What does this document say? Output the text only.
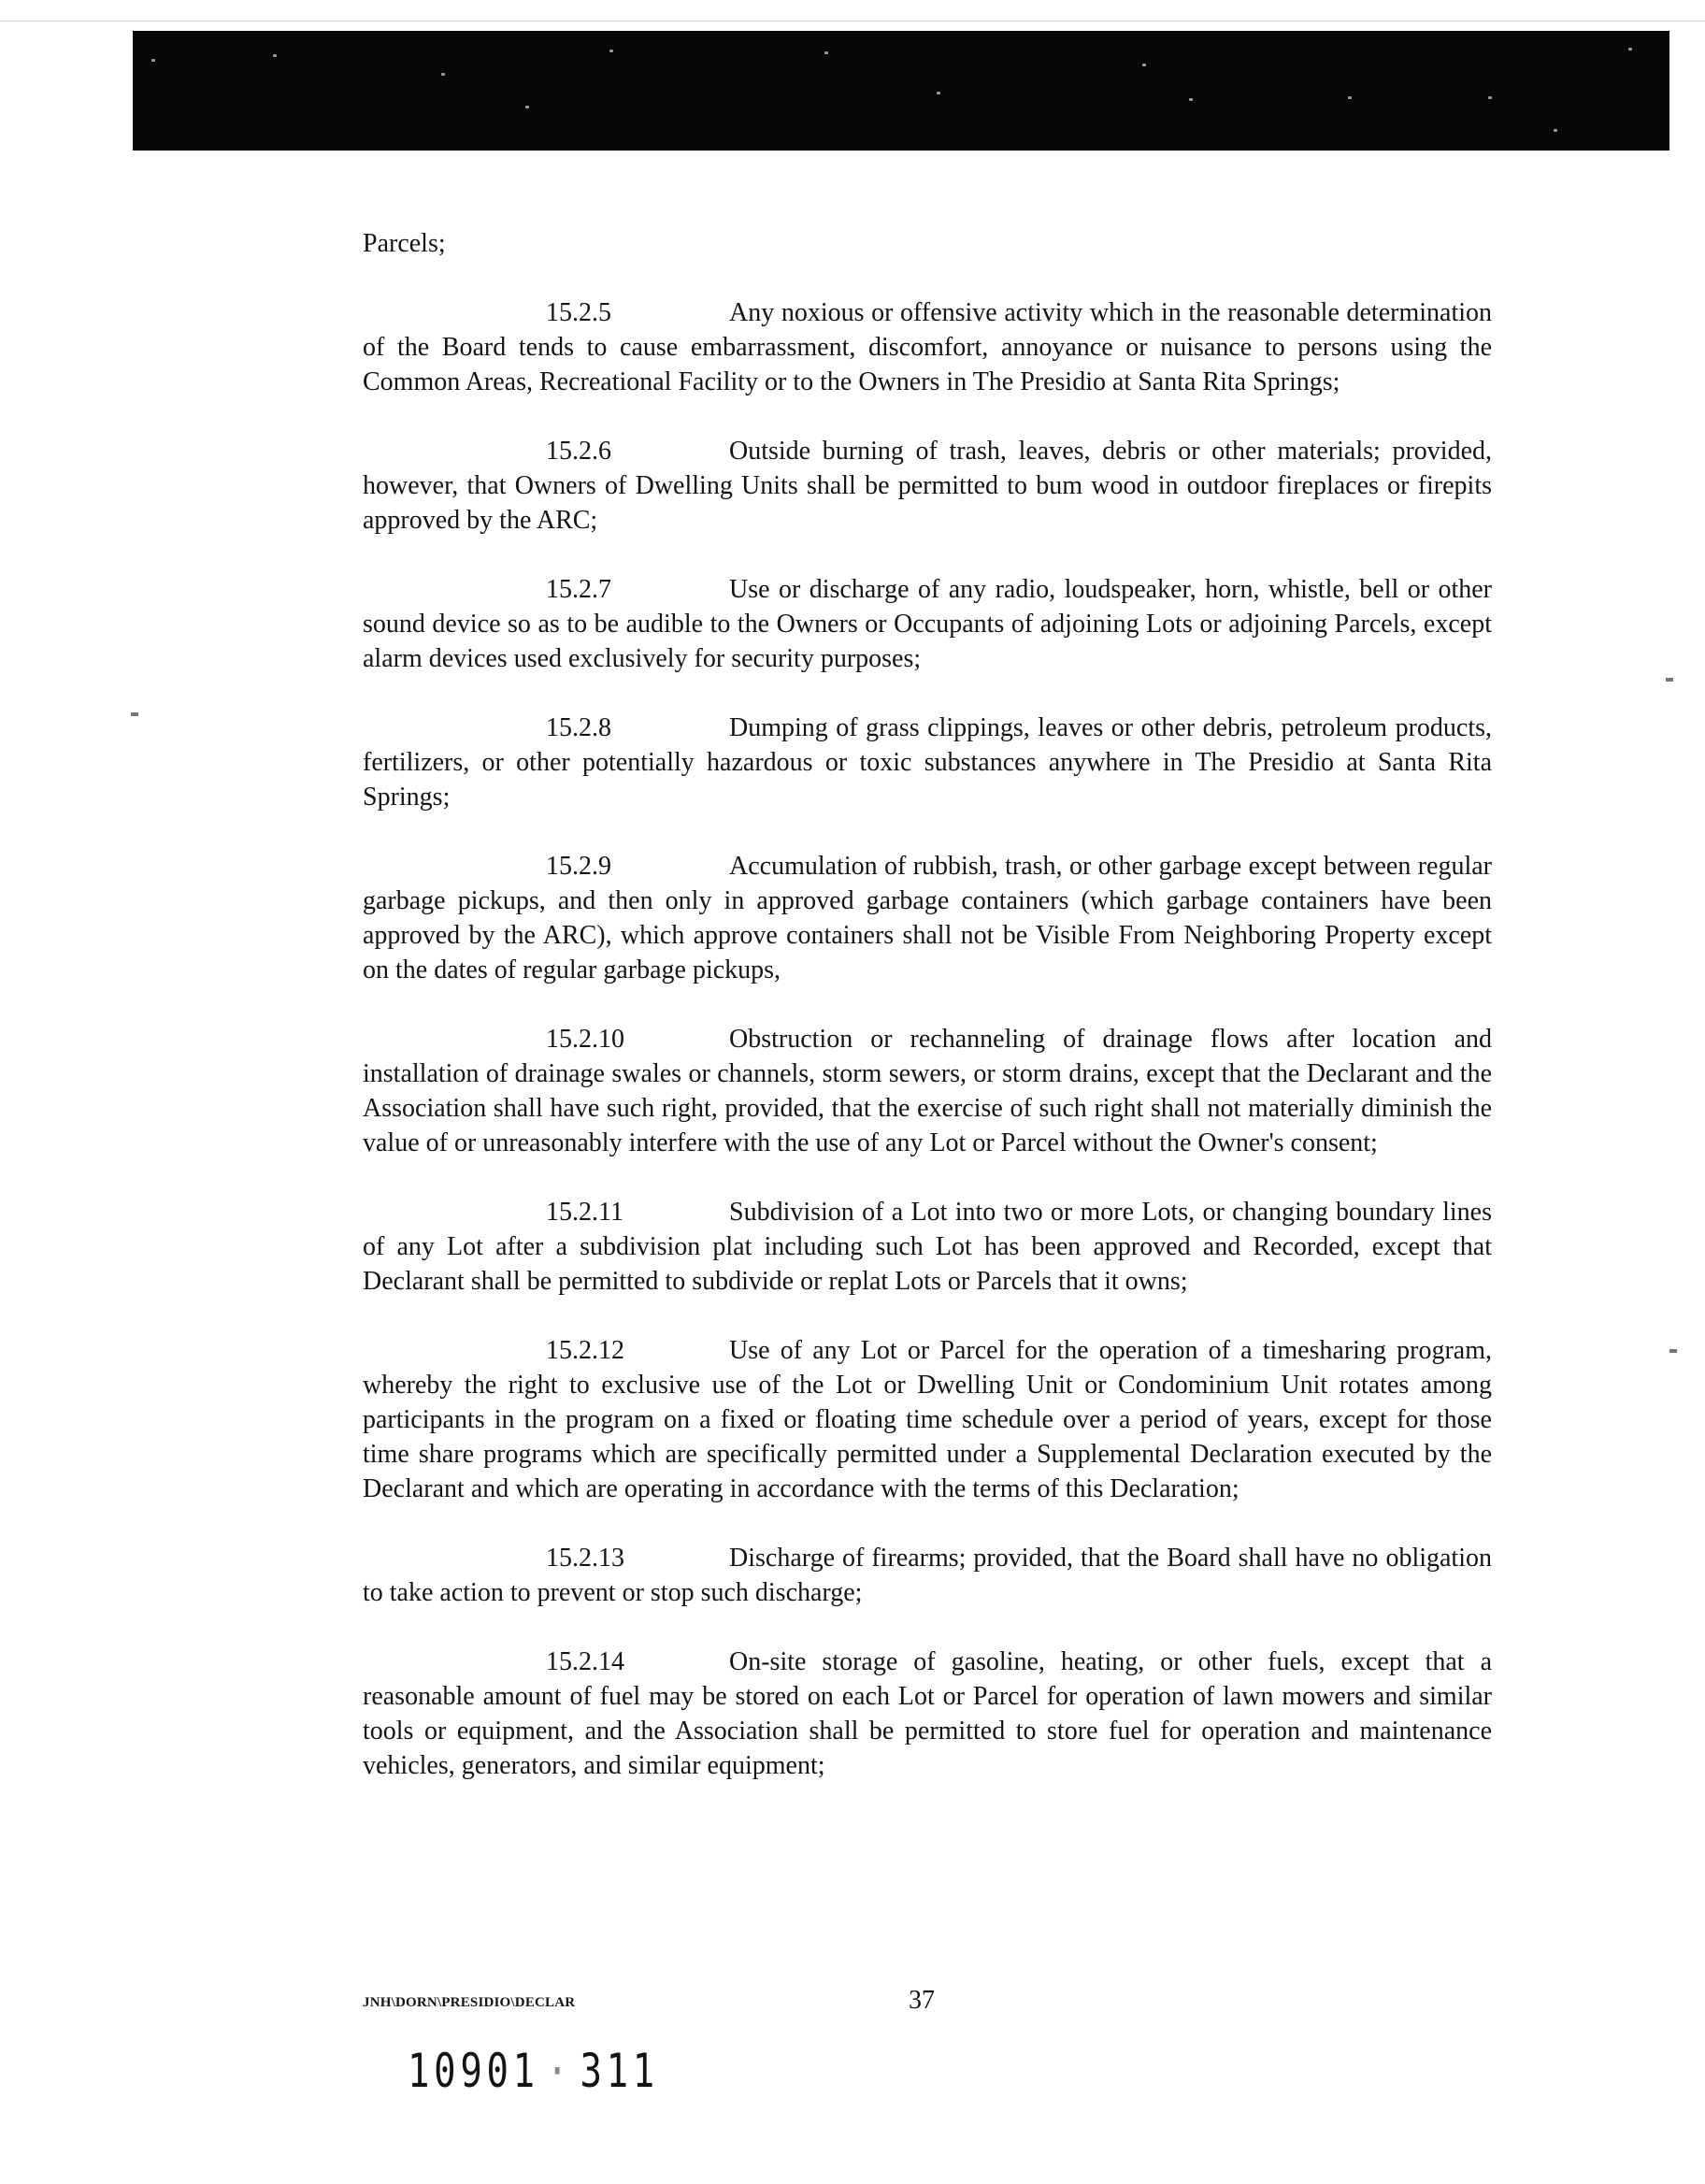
Parcels;

15.2.5	Any noxious or offensive activity which in the reasonable determination of the Board tends to cause embarrassment, discomfort, annoyance or nuisance to persons using the Common Areas, Recreational Facility or to the Owners in The Presidio at Santa Rita Springs;
15.2.6	Outside burning of trash, leaves, debris or other materials; provided, however, that Owners of Dwelling Units shall be permitted to bum wood in outdoor fireplaces or firepits approved by the ARC;
15.2.7	Use or discharge of any radio, loudspeaker, horn, whistle, bell or other sound device so as to be audible to the Owners or Occupants of adjoining Lots or adjoining Parcels, except alarm devices used exclusively for security purposes;
15.2.8	Dumping of grass clippings, leaves or other debris, petroleum products, fertilizers, or other potentially hazardous or toxic substances anywhere in The Presidio at Santa Rita Springs;
15.2.9	Accumulation of rubbish, trash, or other garbage except between regular garbage pickups, and then only in approved garbage containers (which garbage containers have been approved by the ARC), which approve containers shall not be Visible From Neighboring Property except on the dates of regular garbage pickups,
15.2.10	Obstruction or rechanneling of drainage flows after location and installation of drainage swales or channels, storm sewers, or storm drains, except that the Declarant and the Association shall have such right, provided, that the exercise of such right shall not materially diminish the value of or unreasonably interfere with the use of any Lot or Parcel without the Owner's consent;
15.2.11	Subdivision of a Lot into two or more Lots, or changing boundary lines of any Lot after a subdivision plat including such Lot has been approved and Recorded, except that Declarant shall be permitted to subdivide or replat Lots or Parcels that it owns;
15.2.12	Use of any Lot or Parcel for the operation of a timesharing program, whereby the right to exclusive use of the Lot or Dwelling Unit or Condominium Unit rotates among participants in the program on a fixed or floating time schedule over a period of years, except for those time share programs which are specifically permitted under a Supplemental Declaration executed by the Declarant and which are operating in accordance with the terms of this Declaration;
15.2.13	Discharge of firearms; provided, that the Board shall have no obligation to take action to prevent or stop such discharge;
15.2.14	On-site storage of gasoline, heating, or other fuels, except that a reasonable amount of fuel may be stored on each Lot or Parcel for operation of lawn mowers and similar tools or equipment, and the Association shall be permitted to store fuel for operation and maintenance vehicles, generators, and similar equipment;
JNH\DORN\PRESIDIO\DECLAR	37
10901 · 311
